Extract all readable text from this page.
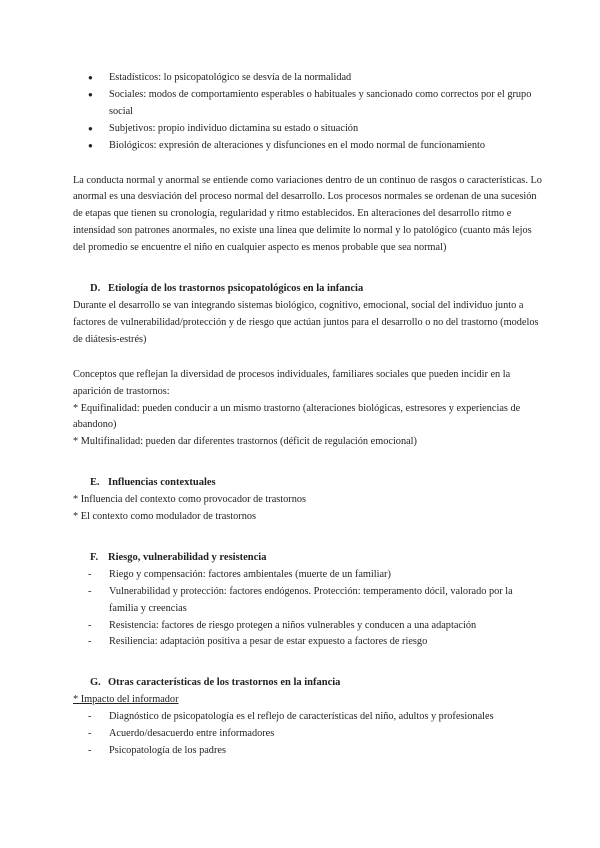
● Estadísticos: lo psicopatológico se desvía de la normalidad
● Sociales: modos de comportamiento esperables o habituales y sancionado como correctos por el grupo social
● Subjetivos: propio individuo dictamina su estado o situación
● Biológicos: expresión de alteraciones y disfunciones en el modo normal de funcionamiento

La conducta normal y anormal se entiende como variaciones dentro de un continuo de rasgos o características. Lo anormal es una desviación del proceso normal del desarrollo. Los procesos normales se ordenan de una sucesión de etapas que tienen su cronología, regularidad y ritmo establecidos. En alteraciones del desarrollo ritmo e intensidad son patrones anormales, no existe una línea que delimite lo normal y lo patológico (cuanto más lejos del promedio se encuentre el niño en cualquier aspecto es menos probable que sea normal)

D. Etiología de los trastornos psicopatológicos en la infancia

Durante el desarrollo se van integrando sistemas biológico, cognitivo, emocional, social del individuo junto a factores de vulnerabilidad/protección y de riesgo que actúan juntos para el desarrollo o no del trastorno (modelos de diátesis-estrés)

Conceptos que reflejan la diversidad de procesos individuales, familiares sociales que pueden incidir en la aparición de trastornos:

* Equifinalidad: pueden conducir a un mismo trastorno (alteraciones biológicas, estresores y experiencias de abandono)

* Multifinalidad: pueden dar diferentes trastornos (déficit de regulación emocional)

E. Influencias contextuales

* Influencia del contexto como provocador de trastornos

* El contexto como modulador de trastornos

F. Riesgo, vulnerabilidad y resistencia
- Riego y compensación: factores ambientales (muerte de un familiar)
- Vulnerabilidad y protección: factores endógenos. Protección: temperamento dócil, valorado por la familia y creencias
- Resistencia: factores de riesgo protegen a niños vulnerables y conducen a una adaptación
- Resiliencia: adaptación positiva a pesar de estar expuesto a factores de riesgo
G. Otras características de los trastornos en la infancia

* Impacto del informador

- Diagnóstico de psicopatología es el reflejo de características del niño, adultos y profesionales
- Acuerdo/desacuerdo entre informadores
- Psicopatología de los padres
